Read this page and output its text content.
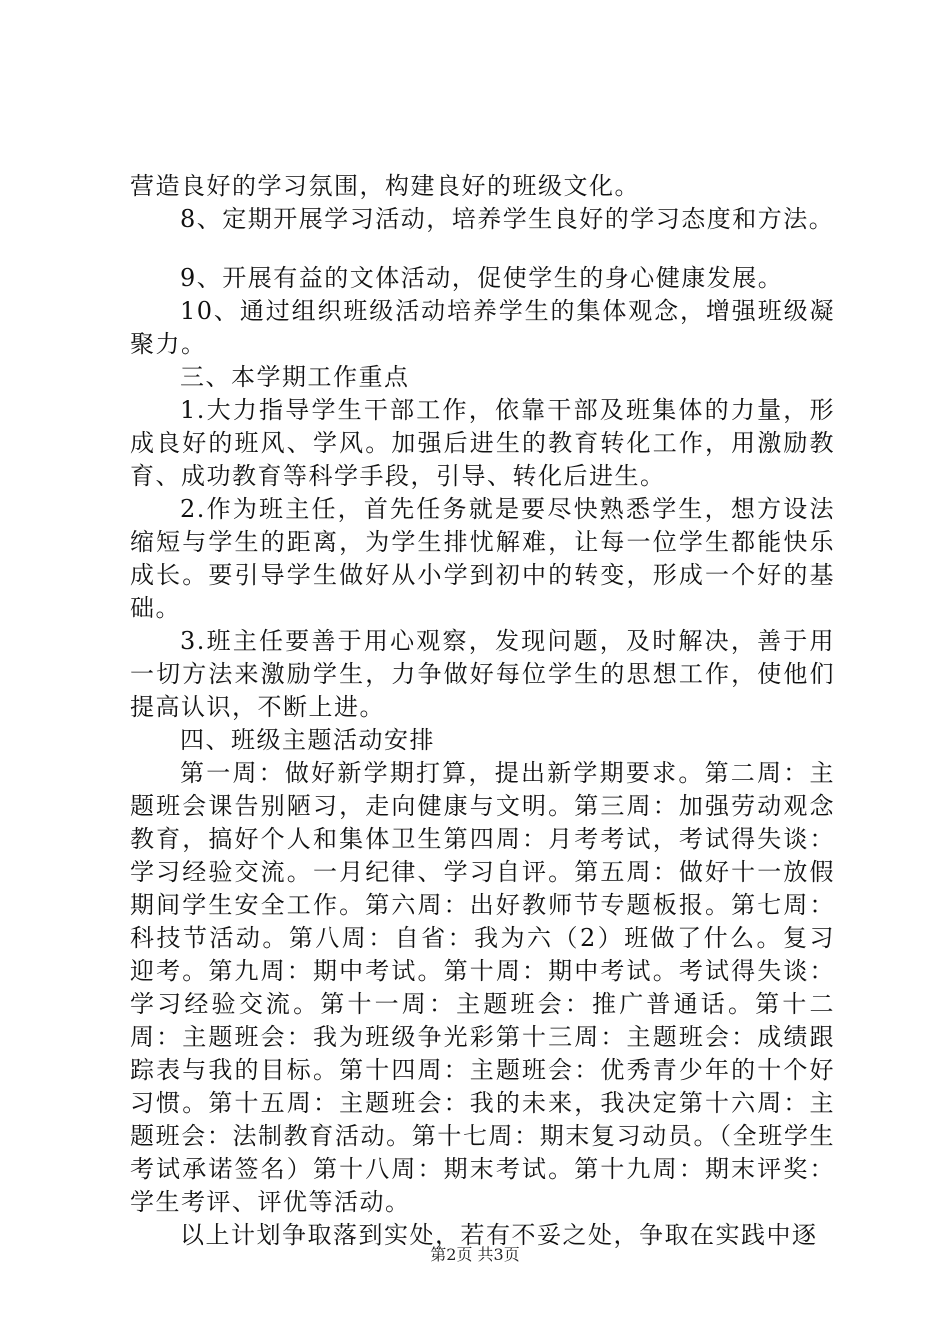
营造良好的学习氛围，构建良好的班级文化。

8、定期开展学习活动，培养学生良好的学习态度和方法。

9、开展有益的文体活动，促使学生的身心健康发展。

10、通过组织班级活动培养学生的集体观念，增强班级凝聚力。

三、本学期工作重点

1.大力指导学生干部工作，依靠干部及班集体的力量，形成良好的班风、学风。加强后进生的教育转化工作，用激励教育、成功教育等科学手段，引导、转化后进生。

2.作为班主任，首先任务就是要尽快熟悉学生，想方设法缩短与学生的距离，为学生排忧解难，让每一位学生都能快乐成长。要引导学生做好从小学到初中的转变，形成一个好的基础。

3.班主任要善于用心观察，发现问题，及时解决，善于用一切方法来激励学生，力争做好每位学生的思想工作，使他们提高认识，不断上进。

四、班级主题活动安排

第一周：做好新学期打算，提出新学期要求。第二周：主题班会课告别陋习，走向健康与文明。第三周：加强劳动观念教育，搞好个人和集体卫生第四周：月考考试，考试得失谈：学习经验交流。一月纪律、学习自评。第五周：做好十一放假期间学生安全工作。第六周：出好教师节专题板报。第七周：科技节活动。第八周：自省：我为六（2）班做了什么。复习迎考。第九周：期中考试。第十周：期中考试。考试得失谈：学习经验交流。第十一周：主题班会：推广普通话。第十二周：主题班会：我为班级争光彩第十三周：主题班会：成绩跟踪表与我的目标。第十四周：主题班会：优秀青少年的十个好习惯。第十五周：主题班会：我的未来，我决定第十六周：主题班会：法制教育活动。第十七周：期末复习动员。（全班学生考试承诺签名）第十八周：期末考试。第十九周：期末评奖：学生考评、评优等活动。

以上计划争取落到实处，若有不妥之处，争取在实践中逐

第2页 共3页
